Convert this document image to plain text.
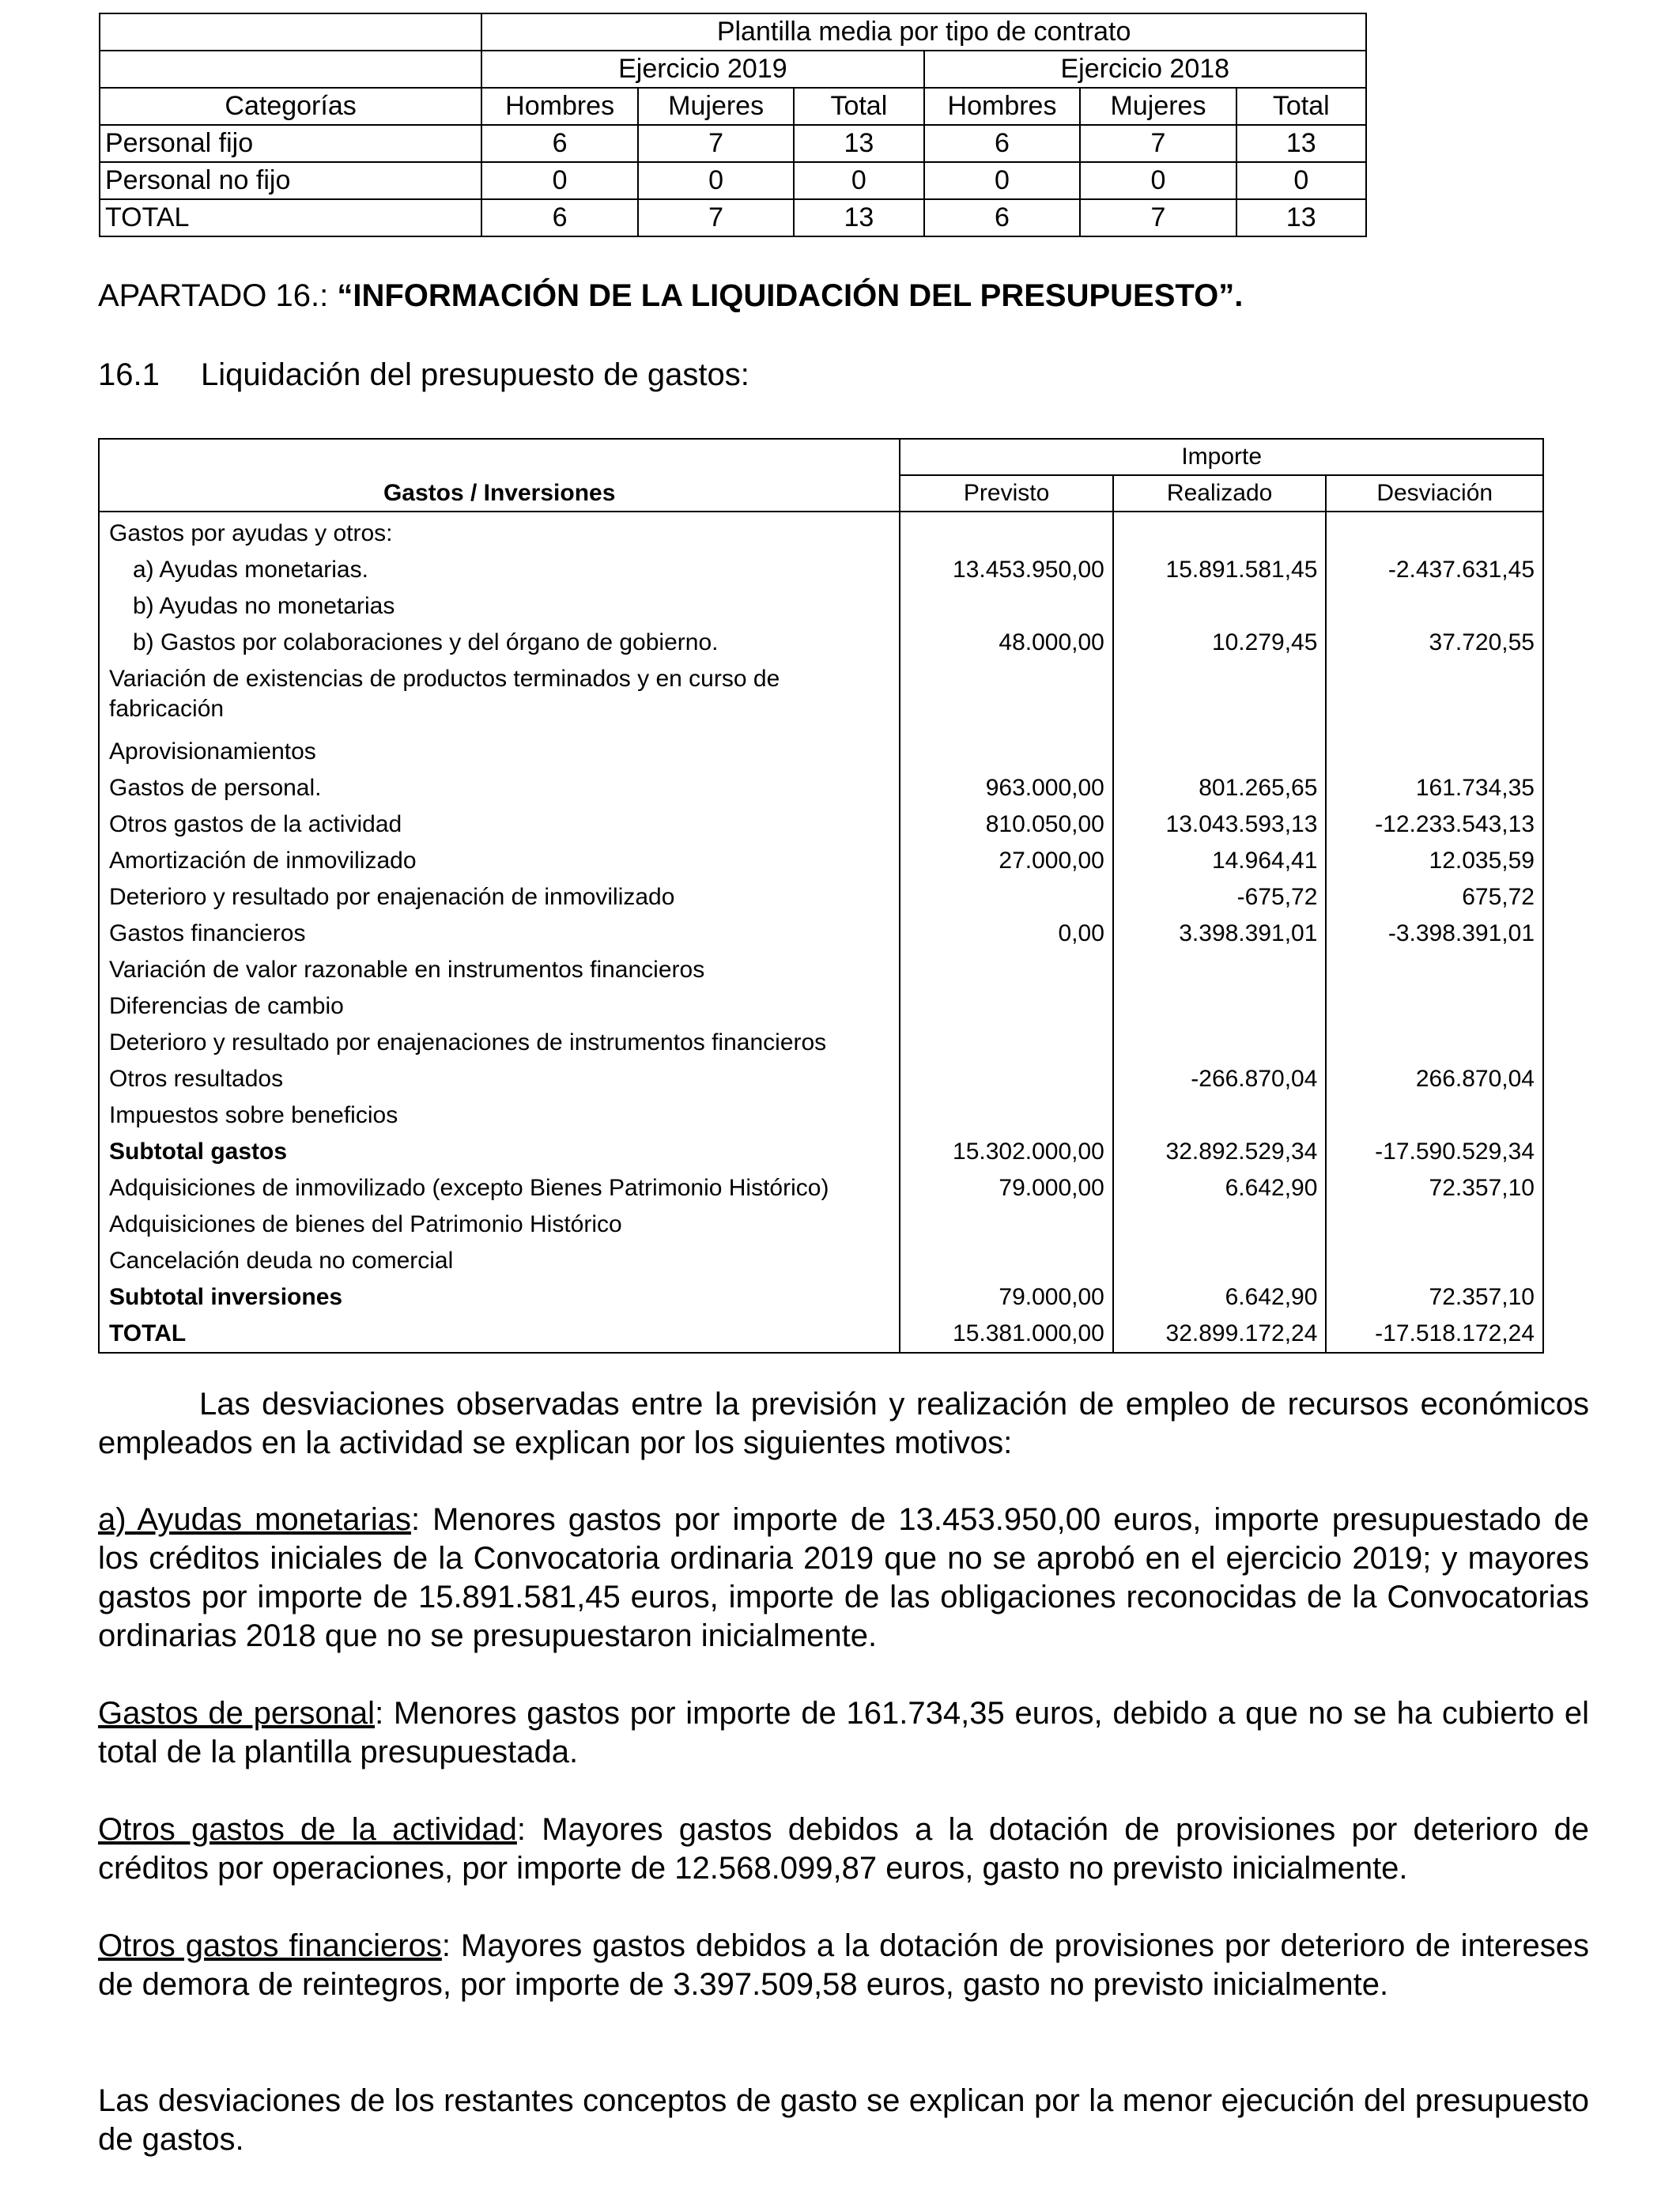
	Plantilla media por tipo de contrato					
	Ejercicio 2019			Ejercicio 2018		
Categorías	Hombres	Mujeres	Total	Hombres	Mujeres	Total
Personal fijo	6	7	13	6	7	13
Personal no fijo	0	0	0	0	0	0
TOTAL	6	7	13	6	7	13
APARTADO 16.: “INFORMACIÓN DE LA LIQUIDACIÓN DEL PRESUPUESTO”.
16.1 Liquidación del presupuesto de gastos:
Gastos / Inversiones	Importe		
	Previsto	Realizado	Desviación
Gastos por ayudas y otros:			
a) Ayudas monetarias.	13.453.950,00	15.891.581,45	-2.437.631,45
b) Ayudas no monetarias			
b) Gastos por colaboraciones y del órgano de gobierno.	48.000,00	10.279,45	37.720,55
Variación de existencias de productos terminados y en curso de fabricación			
Aprovisionamientos			
Gastos de personal.	963.000,00	801.265,65	161.734,35
Otros gastos de la actividad	810.050,00	13.043.593,13	-12.233.543,13
Amortización de inmovilizado	27.000,00	14.964,41	12.035,59
Deterioro y resultado por enajenación de inmovilizado		-675,72	675,72
Gastos financieros	0,00	3.398.391,01	-3.398.391,01
Variación de valor razonable en instrumentos financieros			
Diferencias de cambio			
Deterioro y resultado por enajenaciones de instrumentos financieros			
Otros resultados		-266.870,04	266.870,04
Impuestos sobre beneficios			
Subtotal gastos	15.302.000,00	32.892.529,34	-17.590.529,34
Adquisiciones de inmovilizado (excepto Bienes Patrimonio Histórico)	79.000,00	6.642,90	72.357,10
Adquisiciones de bienes del Patrimonio Histórico			
Cancelación deuda no comercial			
Subtotal inversiones	79.000,00	6.642,90	72.357,10
TOTAL	15.381.000,00	32.899.172,24	-17.518.172,24
Las desviaciones observadas entre la previsión y realización de empleo de recursos económicos empleados en la actividad se explican por los siguientes motivos:
a) Ayudas monetarias: Menores gastos por importe de 13.453.950,00 euros, importe presupuestado de los créditos iniciales de la Convocatoria ordinaria 2019 que no se aprobó en el ejercicio 2019; y mayores gastos por importe de 15.891.581,45 euros, importe de las obligaciones reconocidas de la Convocatorias ordinarias 2018 que no se presupuestaron inicialmente.
Gastos de personal: Menores gastos por importe de 161.734,35 euros, debido a que no se ha cubierto el total de la plantilla presupuestada.
Otros gastos de la actividad: Mayores gastos debidos a la dotación de provisiones por deterioro de créditos por operaciones, por importe de 12.568.099,87 euros, gasto no previsto inicialmente.
Otros gastos financieros: Mayores gastos debidos a la dotación de provisiones por deterioro de intereses de demora de reintegros, por importe de 3.397.509,58 euros, gasto no previsto inicialmente.
Las desviaciones de los restantes conceptos de gasto se explican por la menor ejecución del presupuesto de gastos.
